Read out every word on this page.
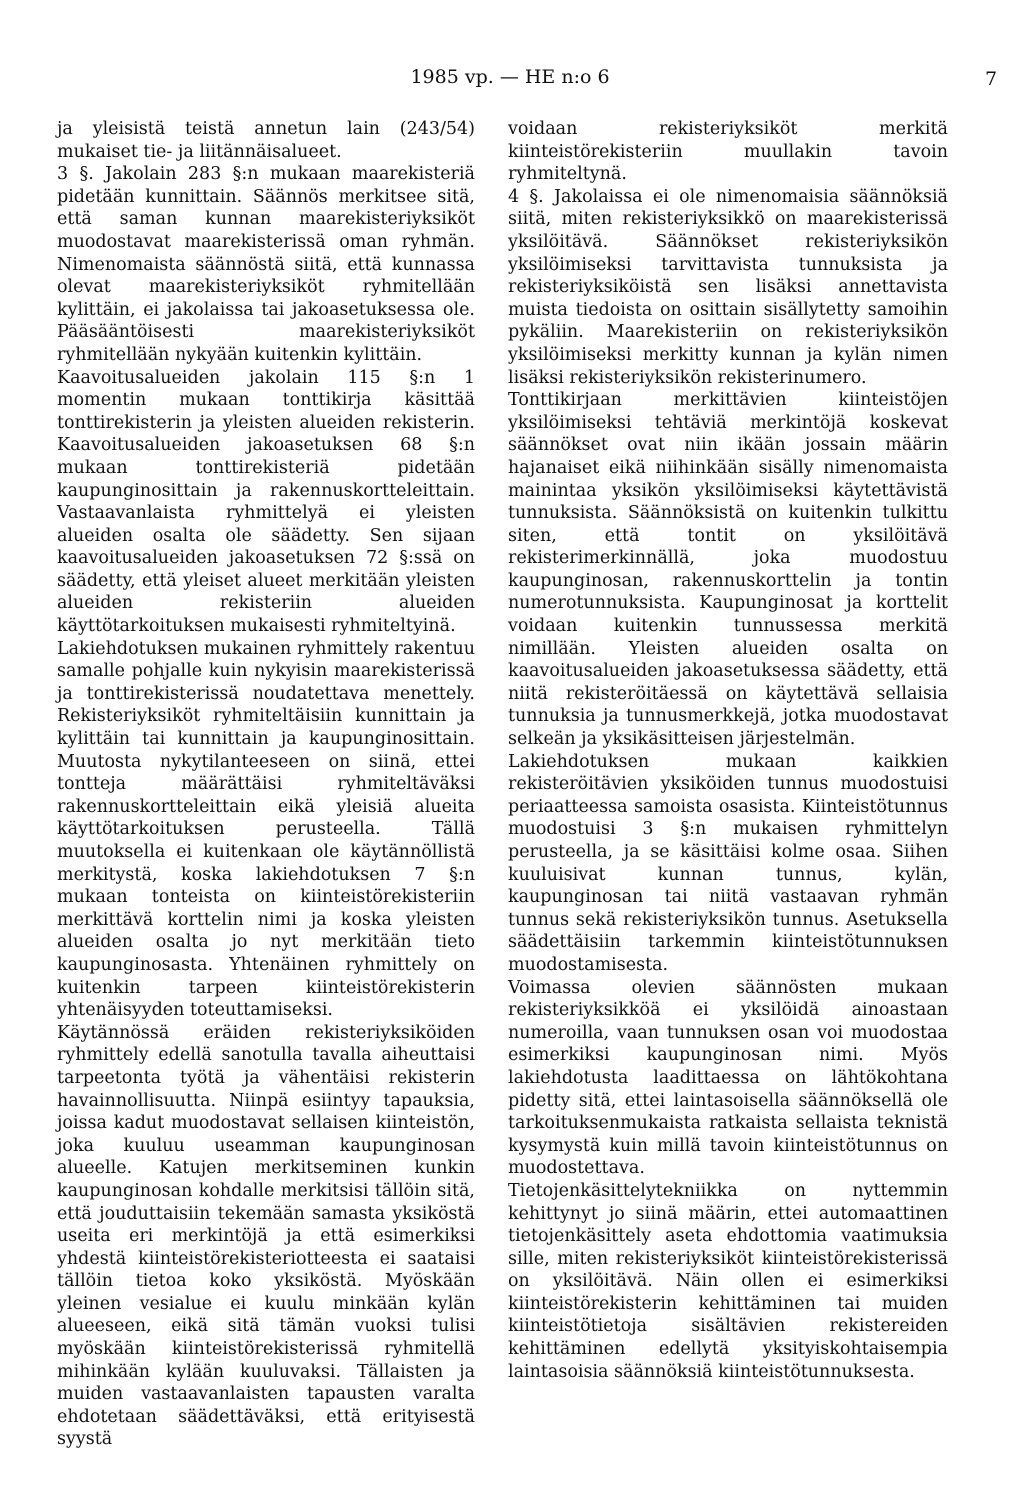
1985 vp. — HE n:o 6	7

ja yleisistä teistä annetun lain (243/54) mukaiset tie- ja liitännäisalueet.

3 §. Jakolain 283 §:n mukaan maarekisteriä pidetään kunnittain. Säännös merkitsee sitä, että saman kunnan maarekisteriyksiköt muodostavat maarekisterissä oman ryhmän. Nimenomaista säännöstä siitä, että kunnassa olevat maarekisteriyksiköt ryhmitellään kylittäin, ei jakolaissa tai jakoasetuksessa ole. Pääsääntöisesti maarekisteriyksiköt ryhmitellään nykyään kuitenkin kylittäin.

Kaavoitusalueiden jakolain 115 §:n 1 momentin mukaan tonttikirja käsittää tonttirekisterin ja yleisten alueiden rekisterin. Kaavoitusalueiden jakoasetuksen 68 §:n mukaan tonttirekisteriä pidetään kaupunginosittain ja rakennuskortteleittain. Vastaavanlaista ryhmittelyä ei yleisten alueiden osalta ole säädetty. Sen sijaan kaavoitusalueiden jakoasetuksen 72 §:ssä on säädetty, että yleiset alueet merkitään yleisten alueiden rekisteriin alueiden käyttötarkoituksen mukaisesti ryhmiteltyinä.

Lakiehdotuksen mukainen ryhmittely rakentuu samalle pohjalle kuin nykyisin maarekisterissä ja tonttirekisterissä noudatettava menettely. Rekisteriyksiköt ryhmiteltäisiin kunnittain ja kylittäin tai kunnittain ja kaupunginosittain. Muutosta nykytilanteeseen on siinä, ettei tontteja määrättäisi ryhmiteltäväksi rakennuskortteleittain eikä yleisiä alueita käyttötarkoituksen perusteella. Tällä muutoksella ei kuitenkaan ole käytännöllistä merkitystä, koska lakiehdotuksen 7 §:n mukaan tonteista on kiinteistörekisteriin merkittävä korttelin nimi ja koska yleisten alueiden osalta jo nyt merkitään tieto kaupunginosasta. Yhtenäinen ryhmittely on kuitenkin tarpeen kiinteistörekisterin yhtenäisyyden toteuttamiseksi.

Käytännössä eräiden rekisteriyksiköiden ryhmittely edellä sanotulla tavalla aiheuttaisi tarpeetonta työtä ja vähentäisi rekisterin havainnollisuutta. Niinpä esiintyy tapauksia, joissa kadut muodostavat sellaisen kiinteistön, joka kuuluu useamman kaupunginosan alueelle. Katujen merkitseminen kunkin kaupunginosan kohdalle merkitsisi tällöin sitä, että jouduttaisiin tekemään samasta yksiköstä useita eri merkintöjä ja että esimerkiksi yhdestä kiinteistörekisteriotteesta ei saataisi tällöin tietoa koko yksiköstä. Myöskään yleinen vesialue ei kuulu minkään kylän alueeseen, eikä sitä tämän vuoksi tulisi myöskään kiinteistörekisterissä ryhmitellä mihinkään kylään kuuluvaksi. Tällaisten ja muiden vastaavanlaisten tapausten varalta ehdotetaan säädettäväksi, että erityisestä syystä

voidaan rekisteriyksiköt merkitä kiinteistörekisteriin muullakin tavoin ryhmiteltynä.

4 §. Jakolaissa ei ole nimenomaisia säännöksiä siitä, miten rekisteriyksikkö on maarekisterissä yksilöitävä. Säännökset rekisteriyksikön yksilöimiseksi tarvittavista tunnuksista ja rekisteriyksiköistä sen lisäksi annettavista muista tiedoista on osittain sisällytetty samoihin pykäliin. Maarekisteriin on rekisteriyksikön yksilöimiseksi merkitty kunnan ja kylän nimen lisäksi rekisteriyksikön rekisterinumero.

Tonttikirjaan merkittävien kiinteistöjen yksilöimiseksi tehtäviä merkintöjä koskevat säännökset ovat niin ikään jossain määrin hajanaiset eikä niihinkään sisälly nimenomaista mainintaa yksikön yksilöimiseksi käytettävistä tunnuksista. Säännöksistä on kuitenkin tulkittu siten, että tontit on yksilöitävä rekisterimerkinnällä, joka muodostuu kaupunginosan, rakennuskorttelin ja tontin numerotunnuksista. Kaupunginosat ja korttelit voidaan kuitenkin tunnussessa merkitä nimillään. Yleisten alueiden osalta on kaavoitusalueiden jakoasetuksessa säädetty, että niitä rekisteröitäessä on käytettävä sellaisia tunnuksia ja tunnusmerkkejä, jotka muodostavat selkeän ja yksikäsitteisen järjestelmän.

Lakiehdotuksen mukaan kaikkien rekisteröitävien yksiköiden tunnus muodostuisi periaatteessa samoista osasista. Kiinteistötunnus muodostuisi 3 §:n mukaisen ryhmittelyn perusteella, ja se käsittäisi kolme osaa. Siihen kuuluisivat kunnan tunnus, kylän, kaupunginosan tai niitä vastaavan ryhmän tunnus sekä rekisteriyksikön tunnus. Asetuksella säädettäisiin tarkemmin kiinteistötunnuksen muodostamisesta.

Voimassa olevien säännösten mukaan rekisteriyksikköä ei yksilöidä ainoastaan numeroilla, vaan tunnuksen osan voi muodostaa esimerkiksi kaupunginosan nimi. Myös lakiehdotusta laadittaessa on lähtökohtana pidetty sitä, ettei laintasoisella säännöksellä ole tarkoituksenmukaista ratkaista sellaista teknistä kysymystä kuin millä tavoin kiinteistötunnus on muodostettava.

Tietojenkäsittelytekniikka on nyttemmin kehittynyt jo siinä määrin, ettei automaattinen tietojenkäsittely aseta ehdottomia vaatimuksia sille, miten rekisteriyksiköt kiinteistörekisterissä on yksilöitävä. Näin ollen ei esimerkiksi kiinteistörekisterin kehittäminen tai muiden kiinteistötietoja sisältävien rekistereiden kehittäminen edellytä yksityiskohtaisempia laintasoisia säännöksiä kiinteistötunnuksesta.
